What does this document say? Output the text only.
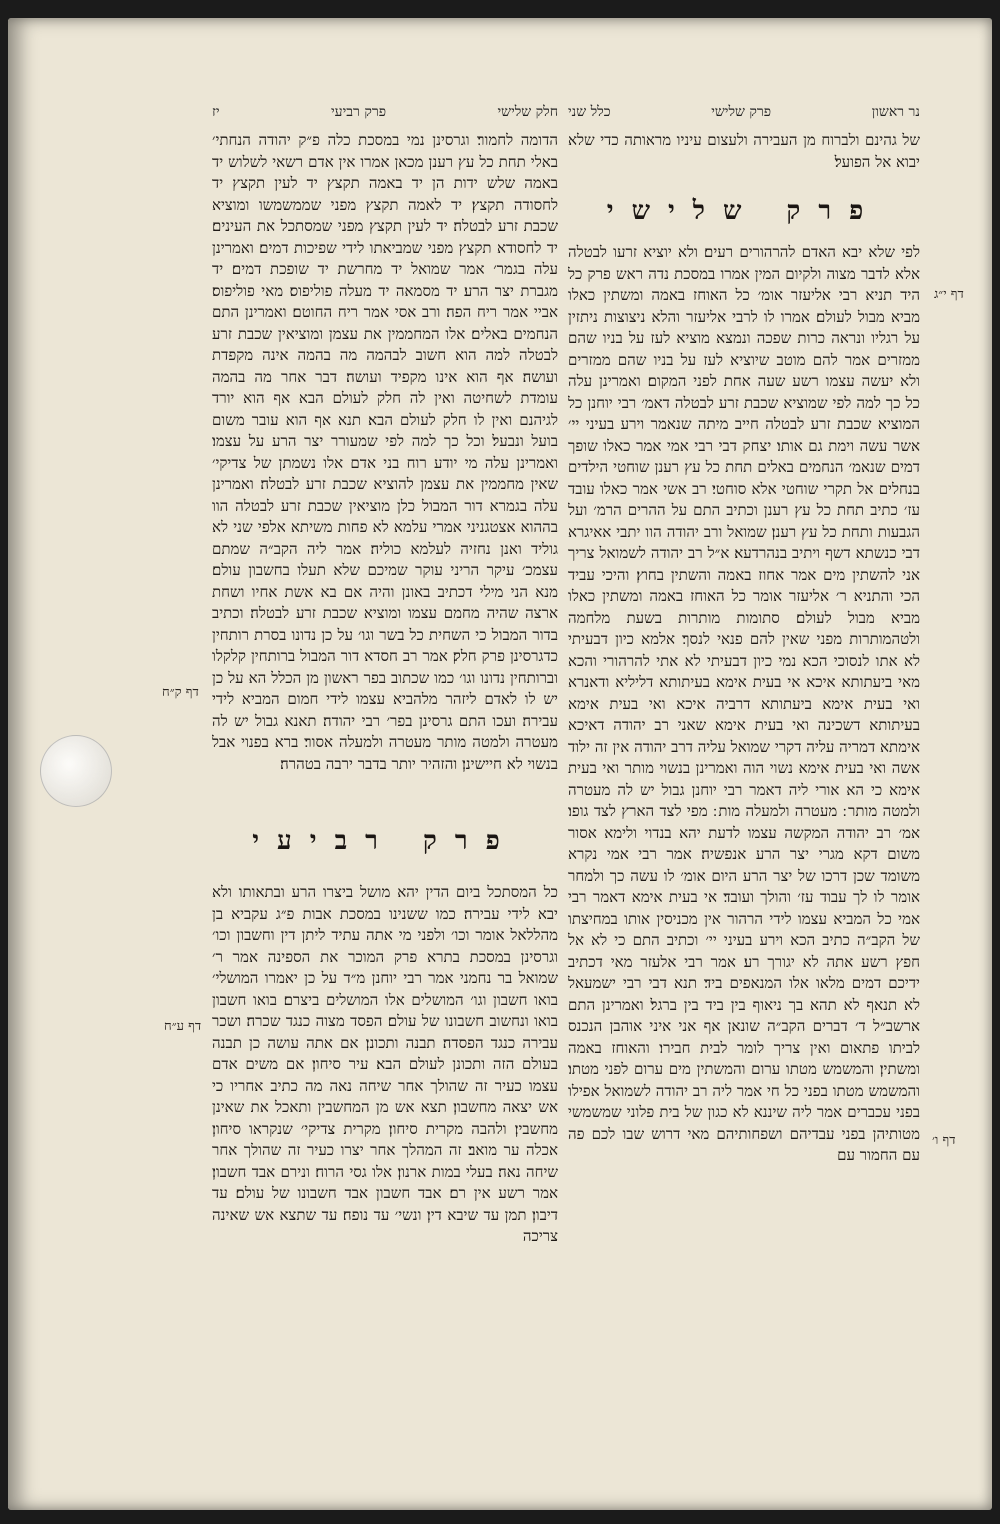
נר ראשון
פרק שלישי
כלל שני
חלק שלישי
פרק רביעי
יז

של גהינם ולברוח מן העבירה ולעצום עיניו מראותה כדי שלא יבוא אל הפועל׃

פרק שלישי

לפי שלא יבא האדם להרהורים רעים׃ ולא יוציא זרעו לבטלה אלא לדבר מצוה ולקיום המין אמרו במסכת נדה ראש פרק כל היד תניא רבי אליעזר אומ׳ כל האוחז באמה ומשתין כאלו מביא מבול לעולם׃ אמרו לו לרבי אליעזר והלא ניצוצות ניתזין על רגליו ונראה כרות שפכה ונמצא מוציא לעז על בניו שהם ממזרים אמר להם מוטב שיוציא לעז על בניו שהם ממזרים ולא יעשה עצמו רשע שעה אחת לפני המקום׃ ואמרינן עלה כל כך למה לפי שמוציא שכבת זרע לבטלה דאמ׳ רבי יוחנן כל המוציא שכבת זרע לבטלה חייב מיתה שנאמר וירע בעיני יי׳ אשר עשה וימת גם אותו׃ יצחק דבי רבי אמי אמר כאלו שופך דמים שנאמ׳ הנחמים באלים תחת כל עץ רענן שוחטי הילדים בנחלים אל תקרי שוחטי אלא סוחטי׃ רב אשי אמר כאלו עובד עז׳ כתיב תחת כל עץ רענן וכתיב התם על ההרים הרמ׳ ועל הגבעות ותחת כל עץ רענן׃ שמואל ורב יהודה הוו יתבי אאיגרא דבי כנשתא דשף ויתיב בנהרדעא׃ א״ל רב יהודה לשמואל צריך אני להשתין מים אמר אחוז באמה והשתין בחוץ׃ והיכי עביד הכי והתניא ר׳ אליעזר אומר כל האוחז באמה ומשתין כאלו מביא מבול לעולם׃ סתומות מותרות בשעת מלחמה ולטהמותרות מפני שאין להם פנאי לנסך׃ אלמא כיון דבעיתי לא אתו לנסוכי הכא נמי כיון דבעיתי לא אתי להרהורי והכא מאי ביעתותא איכא אי בעית אימא בעיתותא דליליא ודאנרא ואי בעית אימא ביעתותא דרביה איכא ואי בעית אימא בעיתותא דשכינה ואי בעית אימא שאני רב יהודה דאיכא אימתא דמריה עליה דקרי שמואל עליה דרב יהודה אין זה ילוד אשה ואי בעית אימא נשוי הוה ואמרינן בנשוי מותר ואי בעית אימא כי הא אורי ליה דאמר רבי יוחנן גבול יש לה מעטרה ולמטה מותר ׃ מעטרה ולמעלה מות ׃ מפי לצד הארץ לצד גופו׃ אמ׳ רב יהודה המקשה עצמו לדעת יהא בנדוי ולימא אסור משום דקא מגרי יצר הרע אנפשיה׃ אמר רבי אמי נקרא משומד שכן דרכו של יצר הרע היום אומ׳ לו עשה כך ולמחר אומר לו לך עבוד עז׳ והולך ועובד׃ אי בעית אימא דאמר רבי אמי כל המביא עצמו לידי הרהור אין מכניסין אותו במחיצתו של הקב״ה כתיב הכא וירע בעיני יי׳ וכתיב התם כי לא אל חפץ רשע אתה לא יגורך רע׃ אמר רבי אלעזר מאי דכתיב ידיכם דמים מלאו אלו המנאפים ביד׃ תנא דבי רבי ישמעאל לא תנאף לא תהא בך ניאוף בין ביד בין ברגל׃ ואמרינן התם ארשב״ל ד׳ דברים הקב״ה שונאן אף אני איני אוהבן הנכנס לביתו פתאום ואין צריך לומר לבית חבירו׃ והאוחז באמה ומשתין׃ והמשמש מטתו ערום והמשתין מים ערום לפני מטתו׃ והמשמש מטתו בפני כל חי אמר ליה רב יהודה לשמואל אפילו בפני עכברים אמר ליה שיננא לא כגון של בית פלוני שמשמשי מטותיהן בפני עבדיהם ושפחותיהם מאי דרוש שבו לכם פה עם החמור עם

הדומה לחמור׃ וגרסינן נמי במסכת כלה פ״ק יהודה הנחתי׳ באלי תחת כל עץ רענן מכאן אמרו אין אדם רשאי לשלוש יד באמה שלש ידות הן יד באמה תקצץ יד לעין תקצץ יד לחסודה תקצץ׃ יד לאמה תקצץ מפני שממשמשו ומוציא שכבת זרע לבטלה׃ יד לעין תקצץ מפני שמסתכל את העינים׃ יד לחסודא תקצץ מפני שמביאתו לידי שפיכות דמים׃ ואמרינן עלה בגמר׳ אמר שמואל יד מחרשת יד שופכת דמים׃ יד מגברת יצר הרע׃ יד מסמאה יד מעלה פוליפוס׃ מאי פוליפוס׃ אביי אמר ריח הפה׃ ורב אסי אמר ריח החוטם׃ ואמרינן התם הנחמים באלים׃ אלו המחממין את עצמן ומוציאין שכבת זרע לבטלה למה הוא חשוב לבהמה מה בהמה אינה מקפדת ועושה׃ אף הוא אינו מקפיד ועושה׃ דבר אחר מה בהמה עומדת לשחיטה ואין לה חלק לעולם הבא אף הוא יורד לגיהנם ואין לו חלק לעולם הבא׃ תנא אף הוא עובר משום בועל ונבעל׃ וכל כך למה לפי שמעורר יצר הרע על עצמו׃ ואמרינן עלה מי יודע רוח בני אדם אלו נשמתן של צדיקי׳ שאין מחממין את עצמן להוציא שכבת זרע לבטלה׃ ואמרינן עלה בגמרא דור המבול כלן מוציאין שכבת זרע לבטלה הוו בההוא אצטגניני אמרי עלמא לא פחות משיתא אלפי שני לא גוליד ואנן נחזיה לעלמא כוליה׃ אמר ליה הקב״ה שמתם עצמכ׳ עיקר הריני עוקר שמיכם שלא תעלו בחשבון עולם׃ מנא הני מילי דכתיב באונן והיה אם בא אשת אחיו ושחת ארצה שהיה מחמם עצמו ומוציא שכבת זרע לבטלה׃ וכתיב בדור המבול כי השחית כל בשר וגו׳ על כן נדונו בסרת רותחין כדגרסינן פרק חלק׃ אמר רב חסדא דור המבול ברותחין קלקלו וברותחין נדונו וגו׳ כמו שכתוב בפר ראשון מן הכלל הא על כן יש לו לאדם ליזהר מלהביא עצמו לידי חמום המביא לידי עבירה׃ ועכו התם גרסינן בפר׳ רבי יהודה׃ תאנא גבול יש לה מעטרה ולמטה מותר מעטרה ולמעלה אסור׃ ברא בפנוי אבל בנשוי לא חיישינן׃ והזהיר יותר בדבר ירבה בטהרה׃

פרק רביעי

כל המסתכל ביום הדין יהא מושל ביצרו הרע ובתאותו ולא יבא לידי עבירה׃ כמו ששנינו במסכת אבות פ״ג עקביא בן מהללאל אומר וכו׳ ולפני מי אתה עתיד ליתן דין וחשבון וכו׳ וגרסינן במסכת בתרא פרק המוכר את הספינה אמר ר׳ שמואל בר נחמני אמר רבי יוחנן מ״ד על כן יאמרו המושלי׳ בואו חשבון וגו׳ המושלים אלו המושלים ביצרם׃ בואו חשבון בואו ונחשוב חשבונו של עולם׃ הפסד מצוה כנגד שכרה׃ ושכר עבירה כנגד הפסדה׃ תבנה ותכונן׃ אם אתה עושה כן תבנה בעולם הזה ותכונן לעולם הבא׃ עיר סיחון׃ אם משים אדם עצמו כעיר זה שהולך אחר שיחה נאה מה כתיב אחריו כי אש יצאה מחשבון׃ תצא אש מן המחשבין ותאכל את שאינן מחשבין׃ ולהבה מקרית סיחון׃ מקרית צדיקי׳ שנקראו סיחון׃ אכלה ער מואב׃ זה המהלך אחר יצרו כעיר זה שהולך אחר שיחה נאה׃ בעלי במות ארנון׃ אלו גסי הרוח׃ ונירם אבד חשבון׃ אמר רשע אין רם׃ אבד חשבון אבד חשבונו של עולם׃ עד דיבון׃ תמן עד שיבא דין׃ ונשי׳ עד נופח׃ עד שתצא אש שאינה צריכה

דף י״ג
דף ק״ח
דף ע״ח
דף ו׳
